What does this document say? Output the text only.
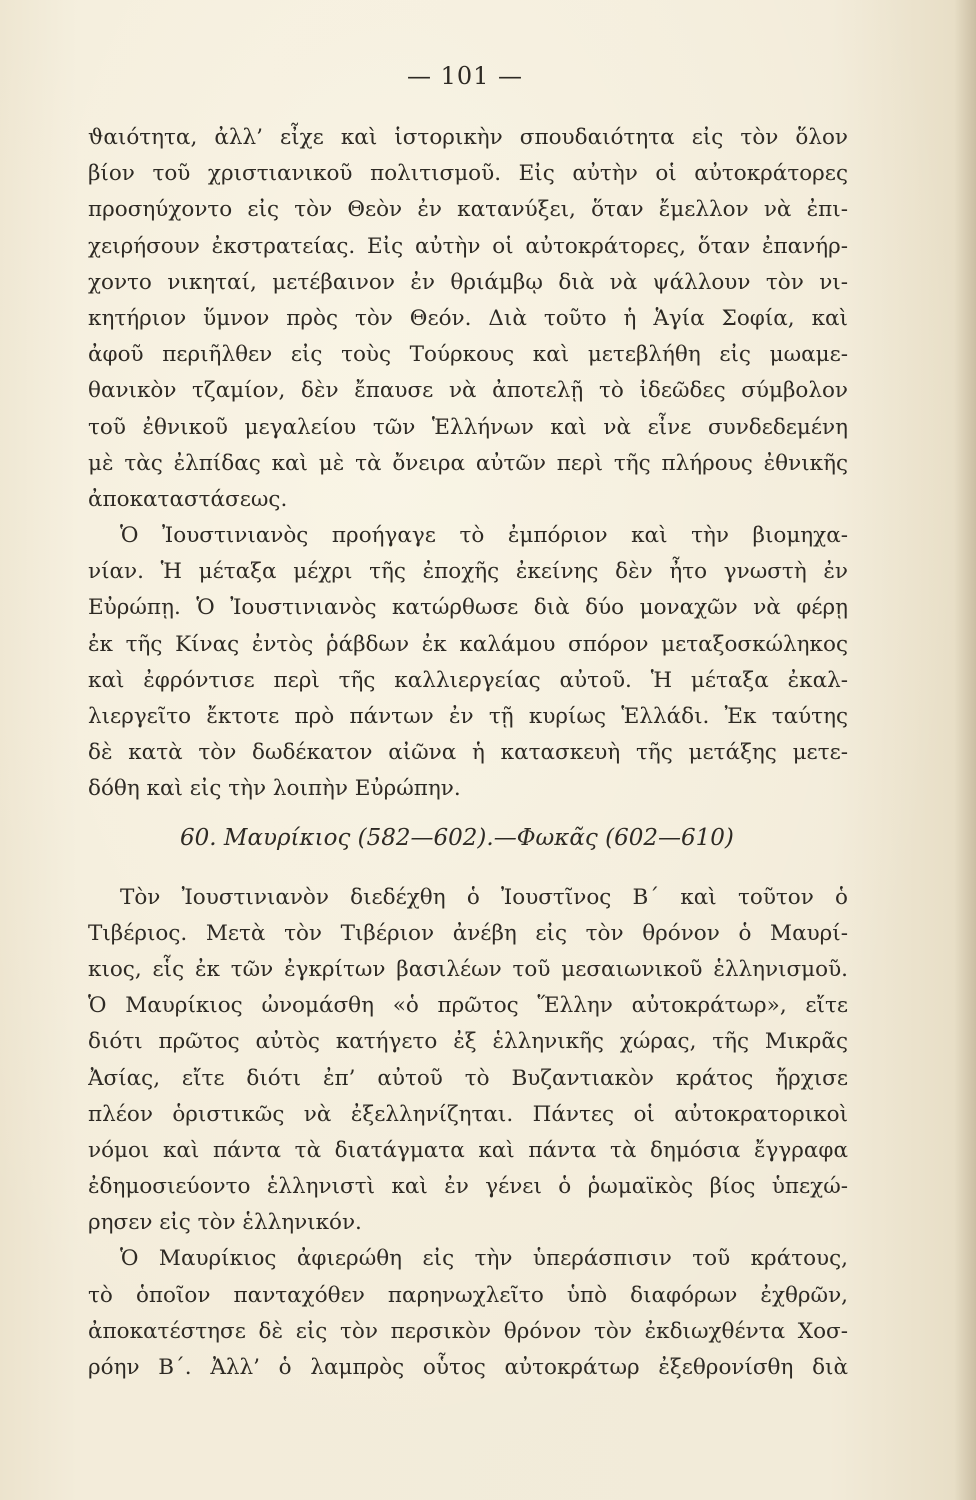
— 101 —
ϑαιότητα, ἀλλ’ εἶχε καὶ ἱστορικὴν σπουδαιότητα εἰς τὸν ὅλον
βίον τοῦ χριστιανικοῦ πολιτισμοῦ. Εἰς αὐτὴν οἱ αὐτοκράτορες
προσηύχοντο εἰς τὸν Θεὸν ἐν κατανύξει, ὅταν ἔμελλον νὰ ἐπι-
χειρήσουν ἐκστρατείας. Εἰς αὐτὴν οἱ αὐτοκράτορες, ὅταν ἐπανήρ-
χοντο νικηταί, μετέβαινον ἐν θριάμβῳ διὰ νὰ ψάλλουν τὸν νι-
κητήριον ὕμνον πρὸς τὸν Θεόν. Διὰ τοῦτο ἡ Ἁγία Σοφία, καὶ
ἀφοῦ περιῆλθεν εἰς τοὺς Τούρκους καὶ μετεβλήθη εἰς μωαμε-
θανικὸν τζαμίον, δὲν ἔπαυσε νὰ ἀποτελῇ τὸ ἰδεῶδες σύμβολον
τοῦ ἐθνικοῦ μεγαλείου τῶν Ἑλλήνων καὶ νὰ εἶνε συνδεδεμένη
μὲ τὰς ἐλπίδας καὶ μὲ τὰ ὄνειρα αὐτῶν περὶ τῆς πλήρους ἐθνικῆς
ἀποκαταστάσεως.
Ὁ Ἰουστινιανὸς προήγαγε τὸ ἐμπόριον καὶ τὴν βιομηχα-
νίαν. Ἡ μέταξα μέχρι τῆς ἐποχῆς ἐκείνης δὲν ἦτο γνωστὴ ἐν
Εὐρώπῃ. Ὁ Ἰουστινιανὸς κατώρθωσε διὰ δύο μοναχῶν νὰ φέρῃ
ἐκ τῆς Κίνας ἐντὸς ῥάβδων ἐκ καλάμου σπόρον μεταξοσκώληκος
καὶ ἐφρόντισε περὶ τῆς καλλιεργείας αὐτοῦ. Ἡ μέταξα ἐκαλ-
λιεργεῖτο ἔκτοτε πρὸ πάντων ἐν τῇ κυρίως Ἑλλάδι. Ἐκ ταύτης
δὲ κατὰ τὸν δωδέκατον αἰῶνα ἡ κατασκευὴ τῆς μετάξης μετε-
δόθη καὶ εἰς τὴν λοιπὴν Εὐρώπην.
60. Μαυρίκιος (582—602).—Φωκᾶς (602—610)
Τὸν Ἰουστινιανὸν διεδέχθη ὁ Ἰουστῖνος Β΄ καὶ τοῦτον ὁ
Τιβέριος. Μετὰ τὸν Τιβέριον ἀνέβη εἰς τὸν θρόνον ὁ Μαυρί-
κιος, εἷς ἐκ τῶν ἐγκρίτων βασιλέων τοῦ μεσαιωνικοῦ ἑλληνισμοῦ.
Ὁ Μαυρίκιος ὠνομάσθη «ὁ πρῶτος Ἕλλην αὐτοκράτωρ», εἴτε
διότι πρῶτος αὐτὸς κατήγετο ἐξ ἑλληνικῆς χώρας, τῆς Μικρᾶς
Ἀσίας, εἴτε διότι ἐπ’ αὐτοῦ τὸ Βυζαντιακὸν κράτος ἤρχισε
πλέον ὁριστικῶς νὰ ἐξελληνίζηται. Πάντες οἱ αὐτοκρατορικοὶ
νόμοι καὶ πάντα τὰ διατάγματα καὶ πάντα τὰ δημόσια ἔγγραφα
ἐδημοσιεύοντο ἑλληνιστὶ καὶ ἐν γένει ὁ ῥωμαϊκὸς βίος ὑπεχώ-
ρησεν εἰς τὸν ἑλληνικόν.
Ὁ Μαυρίκιος ἀφιερώθη εἰς τὴν ὑπεράσπισιν τοῦ κράτους,
τὸ ὁποῖον πανταχόθεν παρηνωχλεῖτο ὑπὸ διαφόρων ἐχθρῶν,
ἀποκατέστησε δὲ εἰς τὸν περσικὸν θρόνον τὸν ἐκδιωχθέντα Χοσ-
ρόην Β΄. Ἀλλ’ ὁ λαμπρὸς οὗτος αὐτοκράτωρ ἐξεθρονίσθη διὰ
